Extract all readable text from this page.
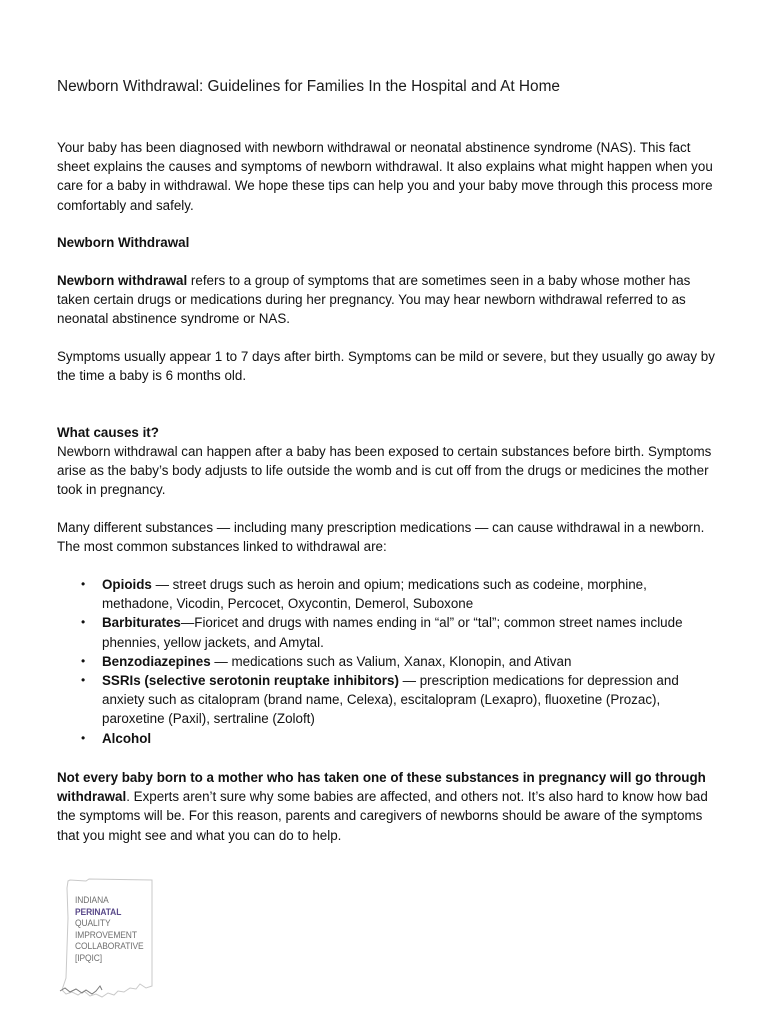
Newborn Withdrawal: Guidelines for Families In the Hospital and At Home

Your baby has been diagnosed with newborn withdrawal or neonatal abstinence syndrome (NAS). This fact sheet explains the causes and symptoms of newborn withdrawal. It also explains what might happen when you care for a baby in withdrawal. We hope these tips can help you and your baby move through this process more comfortably and safely.

Newborn Withdrawal

Newborn withdrawal refers to a group of symptoms that are sometimes seen in a baby whose mother has taken certain drugs or medications during her pregnancy. You may hear newborn withdrawal referred to as neonatal abstinence syndrome or NAS.

Symptoms usually appear 1 to 7 days after birth. Symptoms can be mild or severe, but they usually go away by the time a baby is 6 months old.

What causes it?

Newborn withdrawal can happen after a baby has been exposed to certain substances before birth. Symptoms arise as the baby’s body adjusts to life outside the womb and is cut off from the drugs or medicines the mother took in pregnancy.

Many different substances — including many prescription medications — can cause withdrawal in a newborn. The most common substances linked to withdrawal are:

• Opioids — street drugs such as heroin and opium; medications such as codeine, morphine, methadone, Vicodin, Percocet, Oxycontin, Demerol, Suboxone
• Barbiturates—Fioricet and drugs with names ending in “al” or “tal”; common street names include phennies, yellow jackets, and Amytal.
• Benzodiazepines — medications such as Valium, Xanax, Klonopin, and Ativan
• SSRIs (selective serotonin reuptake inhibitors) — prescription medications for depression and anxiety such as citalopram (brand name, Celexa), escitalopram (Lexapro), fluoxetine (Prozac), paroxetine (Paxil), sertraline (Zoloft)
• Alcohol

Not every baby born to a mother who has taken one of these substances in pregnancy will go through withdrawal. Experts aren’t sure why some babies are affected, and others not. It’s also hard to know how bad the symptoms will be. For this reason, parents and caregivers of newborns should be aware of the symptoms that you might see and what you can do to help.

INDIANA
PERINATAL
QUALITY
IMPROVEMENT
COLLABORATIVE
[IPQIC]
